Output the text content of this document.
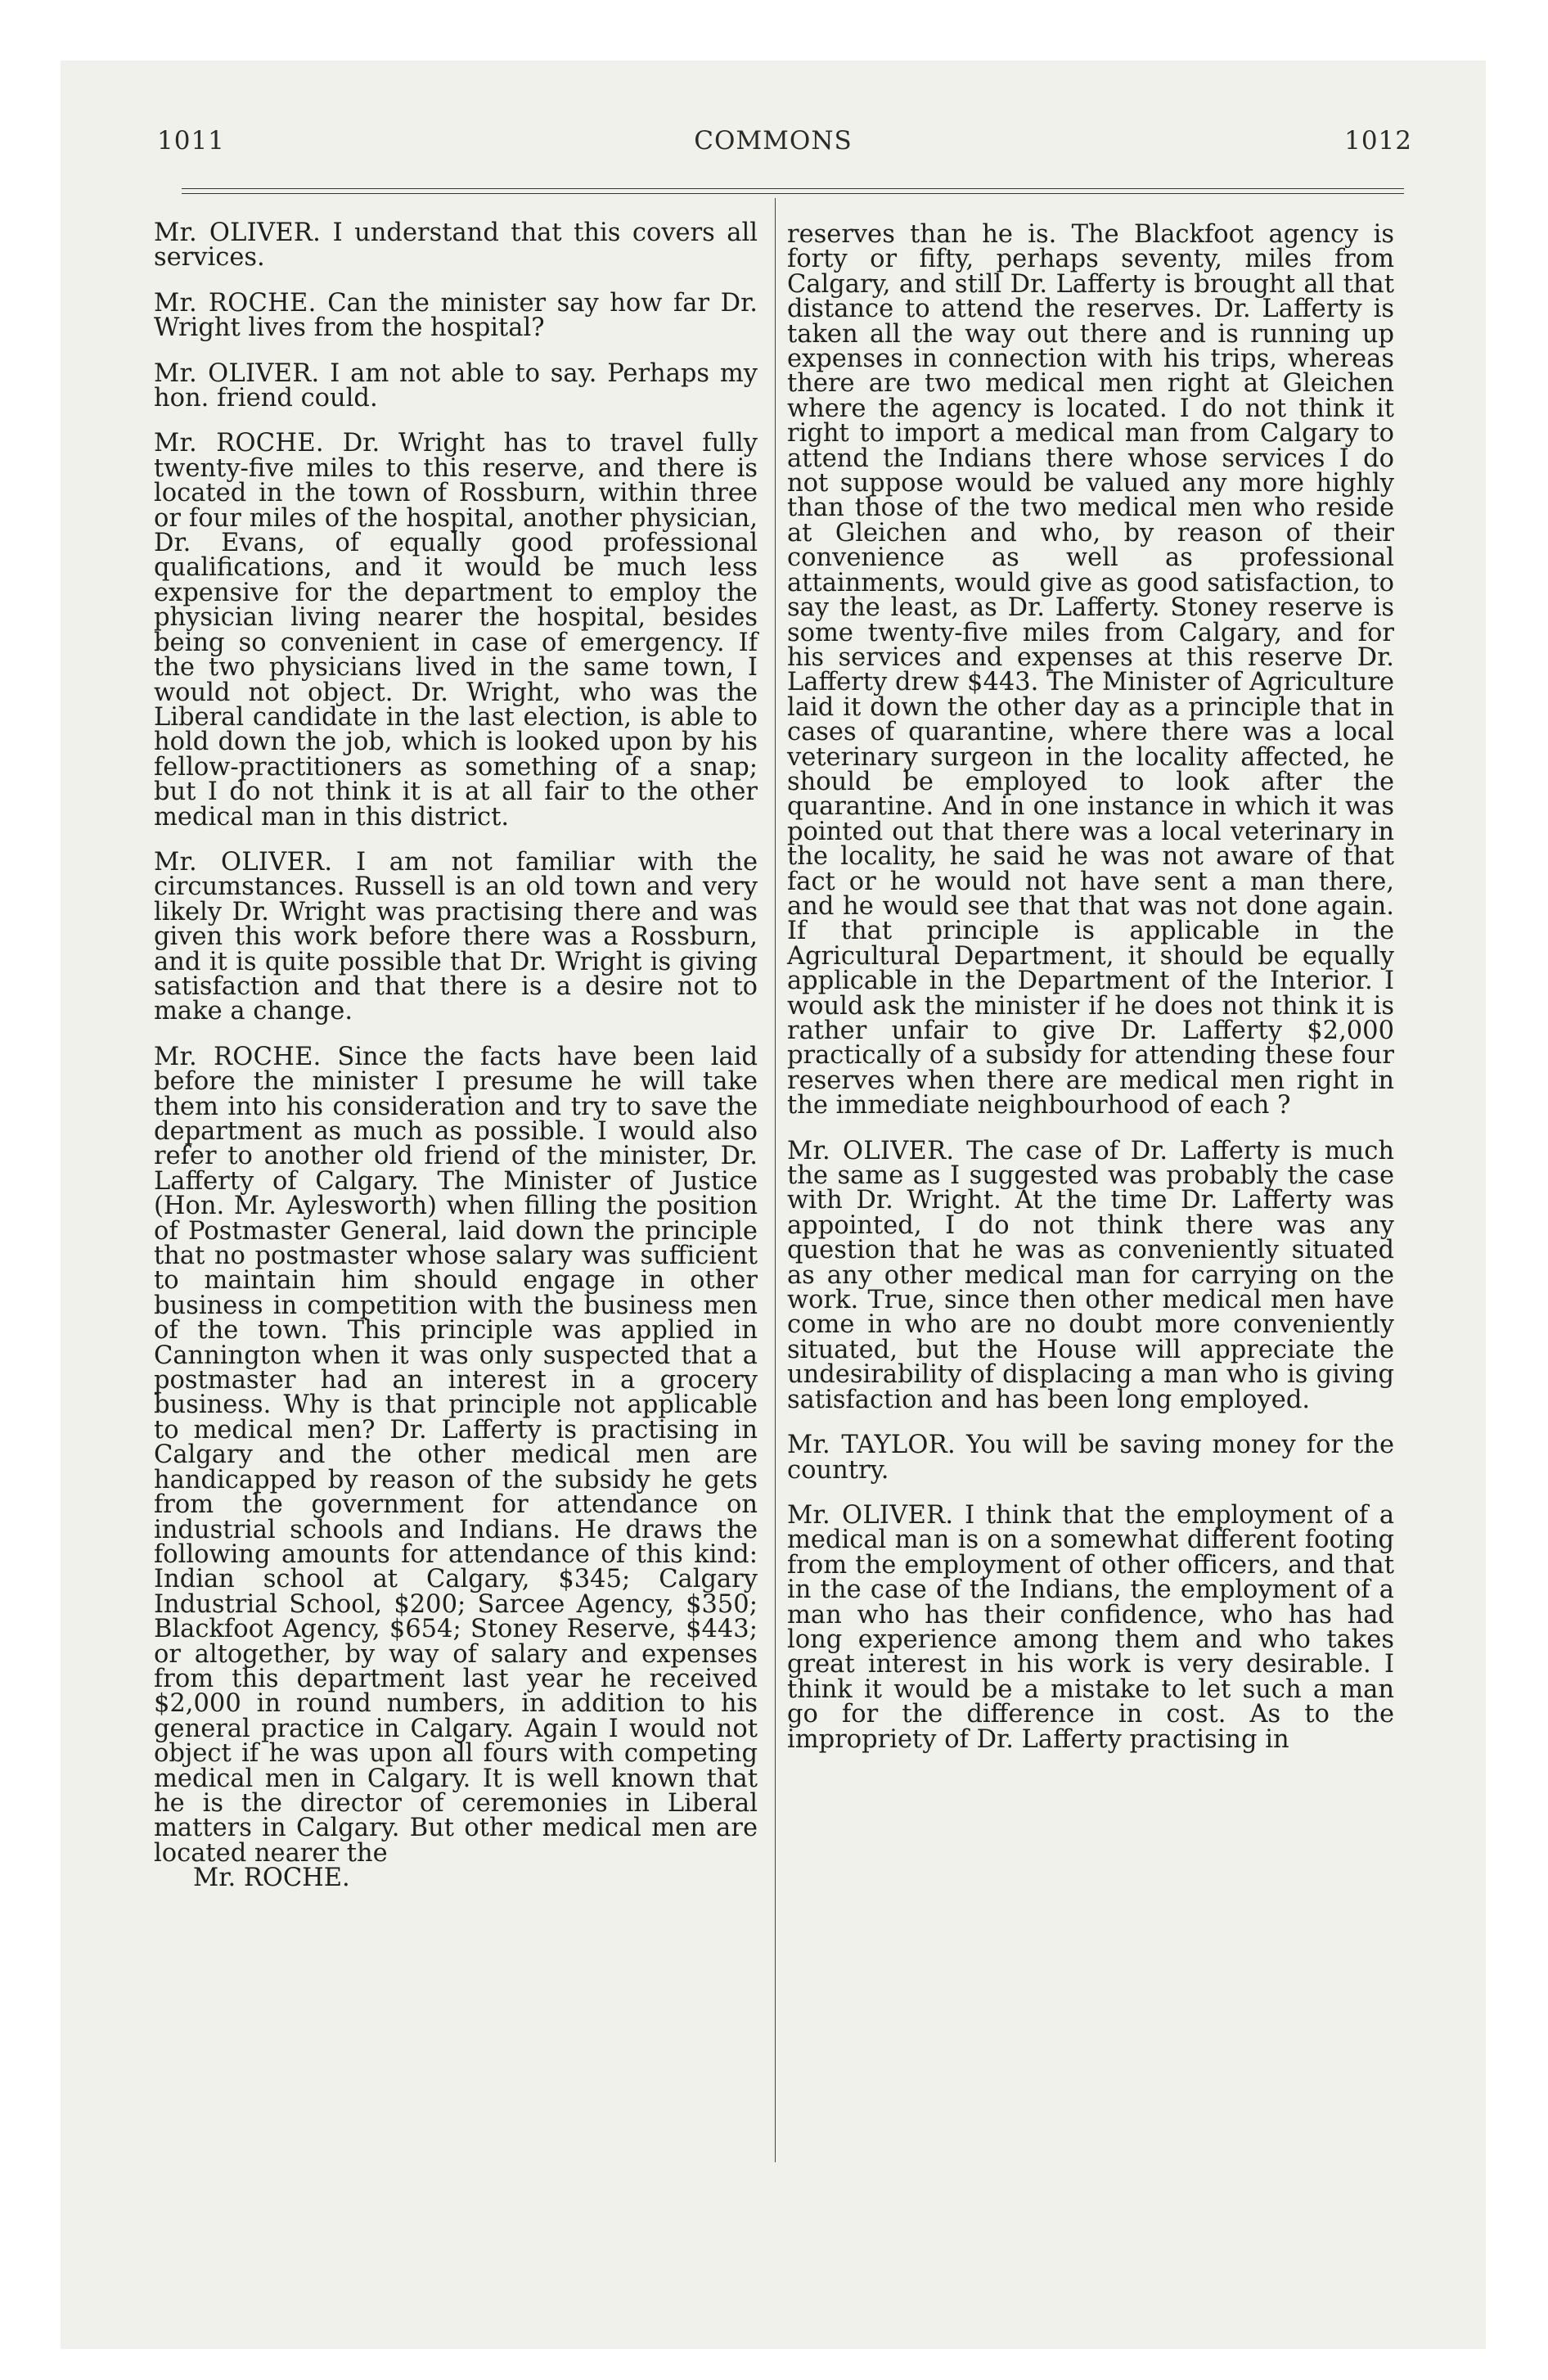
1011	COMMONS	1012

Mr. OLIVER. I understand that this covers all services.

Mr. ROCHE. Can the minister say how far Dr. Wright lives from the hospital?

Mr. OLIVER. I am not able to say. Perhaps my hon. friend could.

Mr. ROCHE. Dr. Wright has to travel fully twenty-five miles to this reserve, and there is located in the town of Rossburn, within three or four miles of the hospital, another physician, Dr. Evans, of equally good professional qualifications, and it would be much less expensive for the department to employ the physician living nearer the hospital, besides being so convenient in case of emergency. If the two physicians lived in the same town, I would not object. Dr. Wright, who was the Liberal candidate in the last election, is able to hold down the job, which is looked upon by his fellow-practitioners as something of a snap; but I do not think it is at all fair to the other medical man in this district.

Mr. OLIVER. I am not familiar with the circumstances. Russell is an old town and very likely Dr. Wright was practising there and was given this work before there was a Rossburn, and it is quite possible that Dr. Wright is giving satisfaction and that there is a desire not to make a change.

Mr. ROCHE. Since the facts have been laid before the minister I presume he will take them into his consideration and try to save the department as much as possible. I would also refer to another old friend of the minister, Dr. Lafferty of Calgary. The Minister of Justice (Hon. Mr. Aylesworth) when filling the position of Postmaster General, laid down the principle that no postmaster whose salary was sufficient to maintain him should engage in other business in competition with the business men of the town. This principle was applied in Cannington when it was only suspected that a postmaster had an interest in a grocery business. Why is that principle not applicable to medical men? Dr. Lafferty is practising in Calgary and the other medical men are handicapped by reason of the subsidy he gets from the government for attendance on industrial schools and Indians. He draws the following amounts for attendance of this kind: Indian school at Calgary, $345; Calgary Industrial School, $200; Sarcee Agency, $350; Blackfoot Agency, $654; Stoney Reserve, $443; or altogether, by way of salary and expenses from this department last year he received $2,000 in round numbers, in addition to his general practice in Calgary. Again I would not object if he was upon all fours with competing medical men in Calgary. It is well known that he is the director of ceremonies in Liberal matters in Calgary. But other medical men are located nearer the

Mr. ROCHE.

reserves than he is. The Blackfoot agency is forty or fifty, perhaps seventy, miles from Calgary, and still Dr. Lafferty is brought all that distance to attend the reserves. Dr. Lafferty is taken all the way out there and is running up expenses in connection with his trips, whereas there are two medical men right at Gleichen where the agency is located. I do not think it right to import a medical man from Calgary to attend the Indians there whose services I do not suppose would be valued any more highly than those of the two medical men who reside at Gleichen and who, by reason of their convenience as well as professional attainments, would give as good satisfaction, to say the least, as Dr. Lafferty. Stoney reserve is some twenty-five miles from Calgary, and for his services and expenses at this reserve Dr. Lafferty drew $443. The Minister of Agriculture laid it down the other day as a principle that in cases of quarantine, where there was a local veterinary surgeon in the locality affected, he should be employed to look after the quarantine. And in one instance in which it was pointed out that there was a local veterinary in the locality, he said he was not aware of that fact or he would not have sent a man there, and he would see that that was not done again. If that principle is applicable in the Agricultural Department, it should be equally applicable in the Department of the Interior. I would ask the minister if he does not think it is rather unfair to give Dr. Lafferty $2,000 practically of a subsidy for attending these four reserves when there are medical men right in the immediate neighbourhood of each ?

Mr. OLIVER. The case of Dr. Lafferty is much the same as I suggested was probably the case with Dr. Wright. At the time Dr. Lafferty was appointed, I do not think there was any question that he was as conveniently situated as any other medical man for carrying on the work. True, since then other medical men have come in who are no doubt more conveniently situated, but the House will appreciate the undesirability of displacing a man who is giving satisfaction and has been long employed.

Mr. TAYLOR. You will be saving money for the country.

Mr. OLIVER. I think that the employment of a medical man is on a somewhat different footing from the employment of other officers, and that in the case of the Indians, the employment of a man who has their confidence, who has had long experience among them and who takes great interest in his work is very desirable. I think it would be a mistake to let such a man go for the difference in cost. As to the impropriety of Dr. Lafferty practising in
